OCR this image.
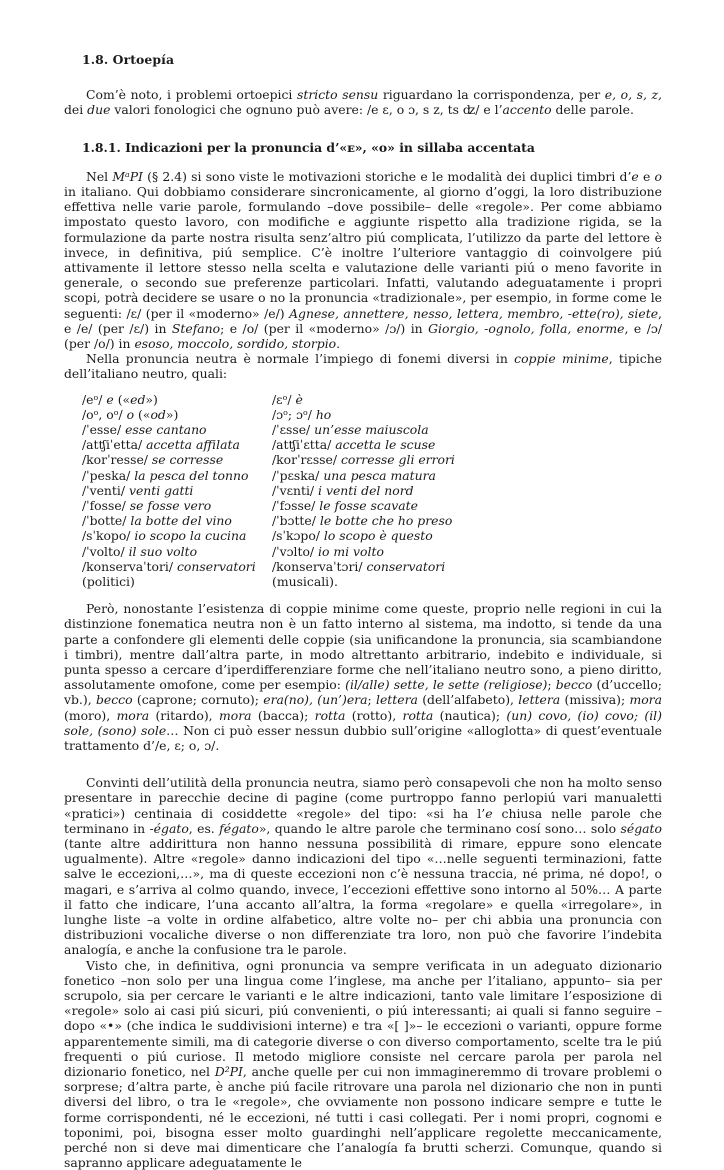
1.8. Ortoepía

Com’è noto, i problemi ortoepici stricto sensu riguardano la corrispondenza, per e, o, s, z, dei due valori fonologici che ognuno può avere: /e ɛ, o ɔ, s z, ts ʣ/ e l’accento delle parole.

1.8.1. Indicazioni per la pronuncia d’«ᴇ», «ᴏ» in sillaba accentata

Nel MᵃPI (§ 2.4) si sono viste le motivazioni storiche e le modalità dei duplici timbri d’e e o in italiano. Qui dobbiamo considerare sincronicamente, al giorno d’oggi, la loro distribuzione effettiva nelle varie parole, formulando –dove possibile– delle «regole». Per come abbiamo impostato questo lavoro, con modifiche e aggiunte rispetto alla tradizione rigida, se la formulazione da parte nostra risulta senz’altro piú complicata, l’utilizzo da parte del lettore è invece, in definitiva, piú semplice. C’è inoltre l’ulteriore vantaggio di coinvolgere piú attivamente il lettore stesso nella scelta e valutazione delle varianti piú o meno favorite in generale, o secondo sue preferenze particolari. Infatti, valutando adeguatamente i propri scopi, potrà decidere se usare o no la pronuncia «tradizionale», per esempio, in forme come le seguenti: /ɛ/ (per il «moderno» /e/) Agnese, annettere, nesso, lettera, membro, -ette(ro), siete, e /e/ (per /ɛ/) in Stefano; e /o/ (per il «moderno» /ɔ/) in Giorgio, -ognolo, folla, enorme, e /ɔ/ (per /o/) in esoso, moccolo, sordido, storpio.

Nella pronuncia neutra è normale l’impiego di fonemi diversi in coppie minime, tipiche dell’italiano neutro, quali:

/eᵒ/ e («ed»)
/oᵒ, oᵒ/ o («od»)
/ˈesse/ esse cantano
/atʧiˈetta/ accetta affilata
/korˈresse/ se corresse
/ˈpeska/ la pesca del tonno
/ˈventi/ venti gatti
/ˈfosse/ se fosse vero
/ˈbotte/ la botte del vino
/sˈkopo/ io scopo la cucina
/ˈvolto/ il suo volto
/konservaˈtori/ conservatori
(politici)
/ɛᵒ/ è
/ɔᵒ; ɔᵒ/ ho
/ˈɛsse/ un’esse maiuscola
/atʧiˈɛtta/ accetta le scuse
/korˈrɛsse/ corresse gli errori
/ˈpɛska/ una pesca matura
/ˈvɛnti/ i venti del nord
/ˈfɔsse/ le fosse scavate
/ˈbɔtte/ le botte che ho preso
/sˈkɔpo/ lo scopo è questo
/ˈvɔlto/ io mi volto
/konservaˈtɔri/ conservatori
(musicali).

Però, nonostante l’esistenza di coppie minime come queste, proprio nelle regioni in cui la distinzione fonematica neutra non è un fatto interno al sistema, ma indotto, si tende da una parte a confondere gli elementi delle coppie (sia unificandone la pronuncia, sia scambiandone i timbri), mentre dall’altra parte, in modo altrettanto arbitrario, indebito e individuale, si punta spesso a cercare d’iperdifferenziare forme che nell’italiano neutro sono, a pieno diritto, assolutamente omofone, come per esempio: (il/alle) sette, le sette (religiose); becco (d’uccello; vb.), becco (caprone; cornuto); era(no), (un’)era; lettera (dell’alfabeto), lettera (missiva); mora (moro), mora (ritardo), mora (bacca); rotta (rotto), rotta (nautica); (un) covo, (io) covo; (il) sole, (sono) sole… Non ci può esser nessun dubbio sull’origine «alloglotta» di quest’eventuale trattamento d’/e, ɛ; o, ɔ/.

Convinti dell’utilità della pronuncia neutra, siamo però consapevoli che non ha molto senso presentare in parecchie decine di pagine (come purtroppo fanno perlopiú vari manualetti «pratici») centinaia di cosiddette «regole» del tipo: «si ha l’e chiusa nelle parole che terminano in -égato, es. fégato», quando le altre parole che terminano cosí sono… solo ségato (tante altre addirittura non hanno nessuna possibilità di rimare, eppure sono elencate ugualmente). Altre «regole» danno indicazioni del tipo «…nelle seguenti terminazioni, fatte salve le eccezioni,…», ma di queste eccezioni non c’è nessuna traccia, né prima, né dopo!, o magari, e s’arriva al colmo quando, invece, l’eccezioni effettive sono intorno al 50%… A parte il fatto che indicare, l’una accanto all’altra, la forma «regolare» e quella «irregolare», in lunghe liste –a volte in ordine alfabetico, altre volte no– per chi abbia una pronuncia con distribuzioni vocaliche diverse o non differenziate tra loro, non può che favorire l’indebita analogía, e anche la confusione tra le parole.

Visto che, in definitiva, ogni pronuncia va sempre verificata in un adeguato dizionario fonetico –non solo per una lingua come l’inglese, ma anche per l’italiano, appunto– sia per scrupolo, sia per cercare le varianti e le altre indicazioni, tanto vale limitare l’esposizione di «regole» solo ai casi piú sicuri, piú convenienti, o piú interessanti; ai quali si fanno seguire –dopo «•» (che indica le suddivisioni interne) e tra «[ ]»– le eccezioni o varianti, oppure forme apparentemente simili, ma di categorie diverse o con diverso comportamento, scelte tra le piú frequenti o piú curiose. Il metodo migliore consiste nel cercare parola per parola nel dizionario fonetico, nel D²PI, anche quelle per cui non immagineremmo di trovare problemi o sorprese; d’altra parte, è anche piú facile ritrovare una parola nel dizionario che non in punti diversi del libro, o tra le «regole», che ovviamente non possono indicare sempre e tutte le forme corrispondenti, né le eccezioni, né tutti i casi collegati. Per i nomi propri, cognomi e toponimi, poi, bisogna esser molto guardinghi nell’applicare regolette meccanicamente, perché non si deve mai dimenticare che l’analogía fa brutti scherzi. Comunque, quando si sapranno applicare adeguatamente le
